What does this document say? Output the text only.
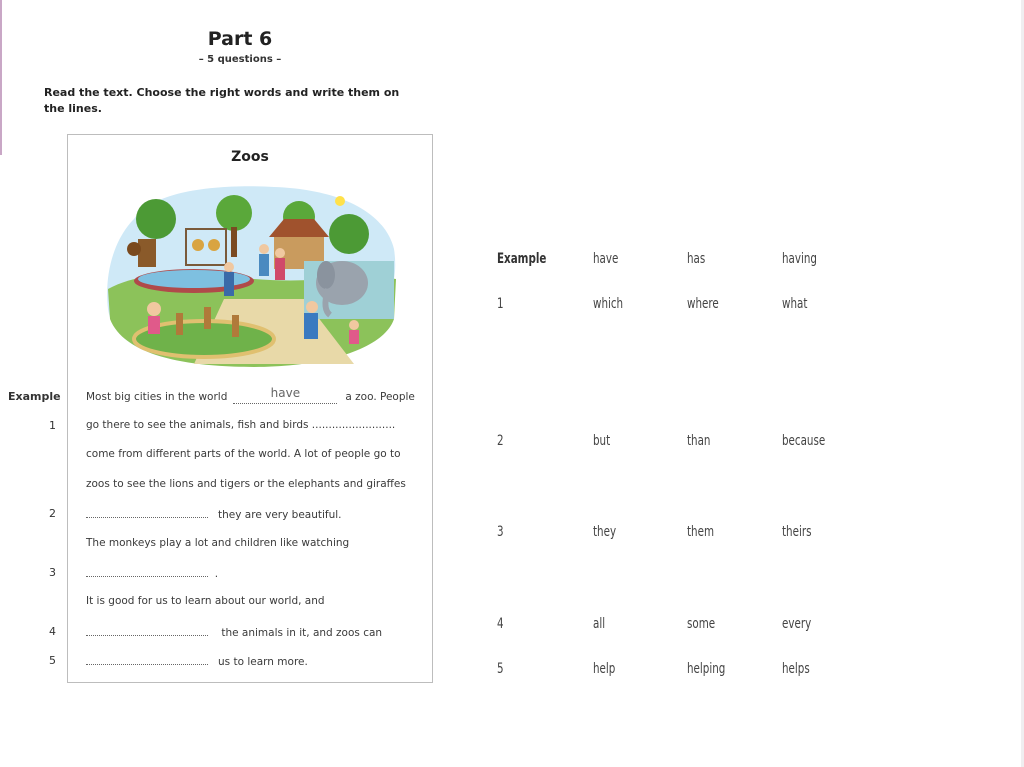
Part 6
– 5 questions –
Read the text. Choose the right words and write them on the lines.
Zoos
Example
1
2
3
4
5
Most big cities in the world	have	a zoo. People
go there to see the animals, fish and birds .........................
come from different parts of the world. A lot of people go to
zoos to see the lions and tigers or the elephants and giraffes
they are very beautiful.
The monkeys play a lot and children like watching
.
It is good for us to learn about our world, and
the animals in it, and zoos can
us to learn more.
Example	have	has	having
1	which	where	what
2	but	than	because
3	they	them	theirs
4	all	some	every
5	help	helping	helps
